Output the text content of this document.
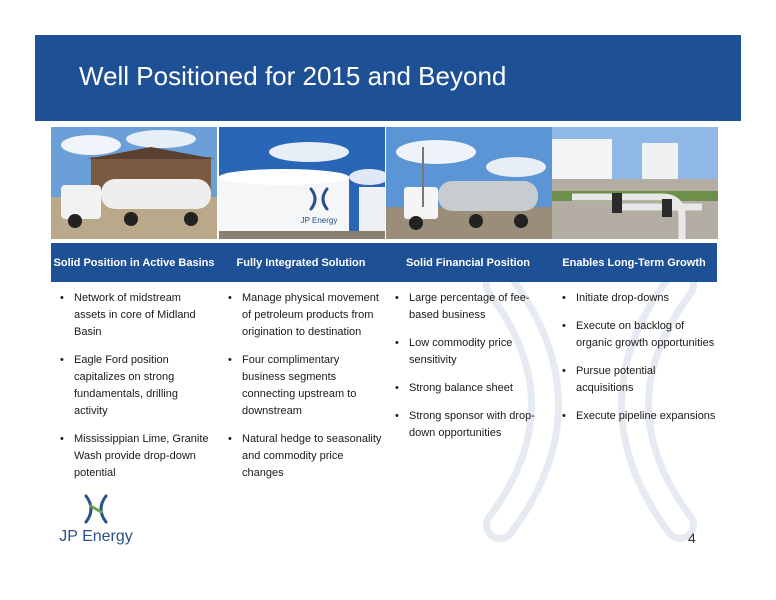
Well Positioned for 2015 and Beyond
JP Energy
Solid Position in Active Basins	Fully Integrated Solution	Solid Financial Position	Enables Long-Term Growth
• Network of midstream assets in core of Midland Basin
• Eagle Ford position capitalizes on strong fundamentals, drilling activity
• Mississippian Lime, Granite Wash provide drop-down potential
• Manage physical movement of petroleum products from origination to destination
• Four complimentary business segments connecting upstream to downstream
• Natural hedge to seasonality and commodity price changes
• Large percentage of fee-based business
• Low commodity price sensitivity
• Strong balance sheet
• Strong sponsor with drop-down opportunities
• Initiate drop-downs
• Execute on backlog of organic growth opportunities
• Pursue potential acquisitions
• Execute pipeline expansions
JP Energy	4
